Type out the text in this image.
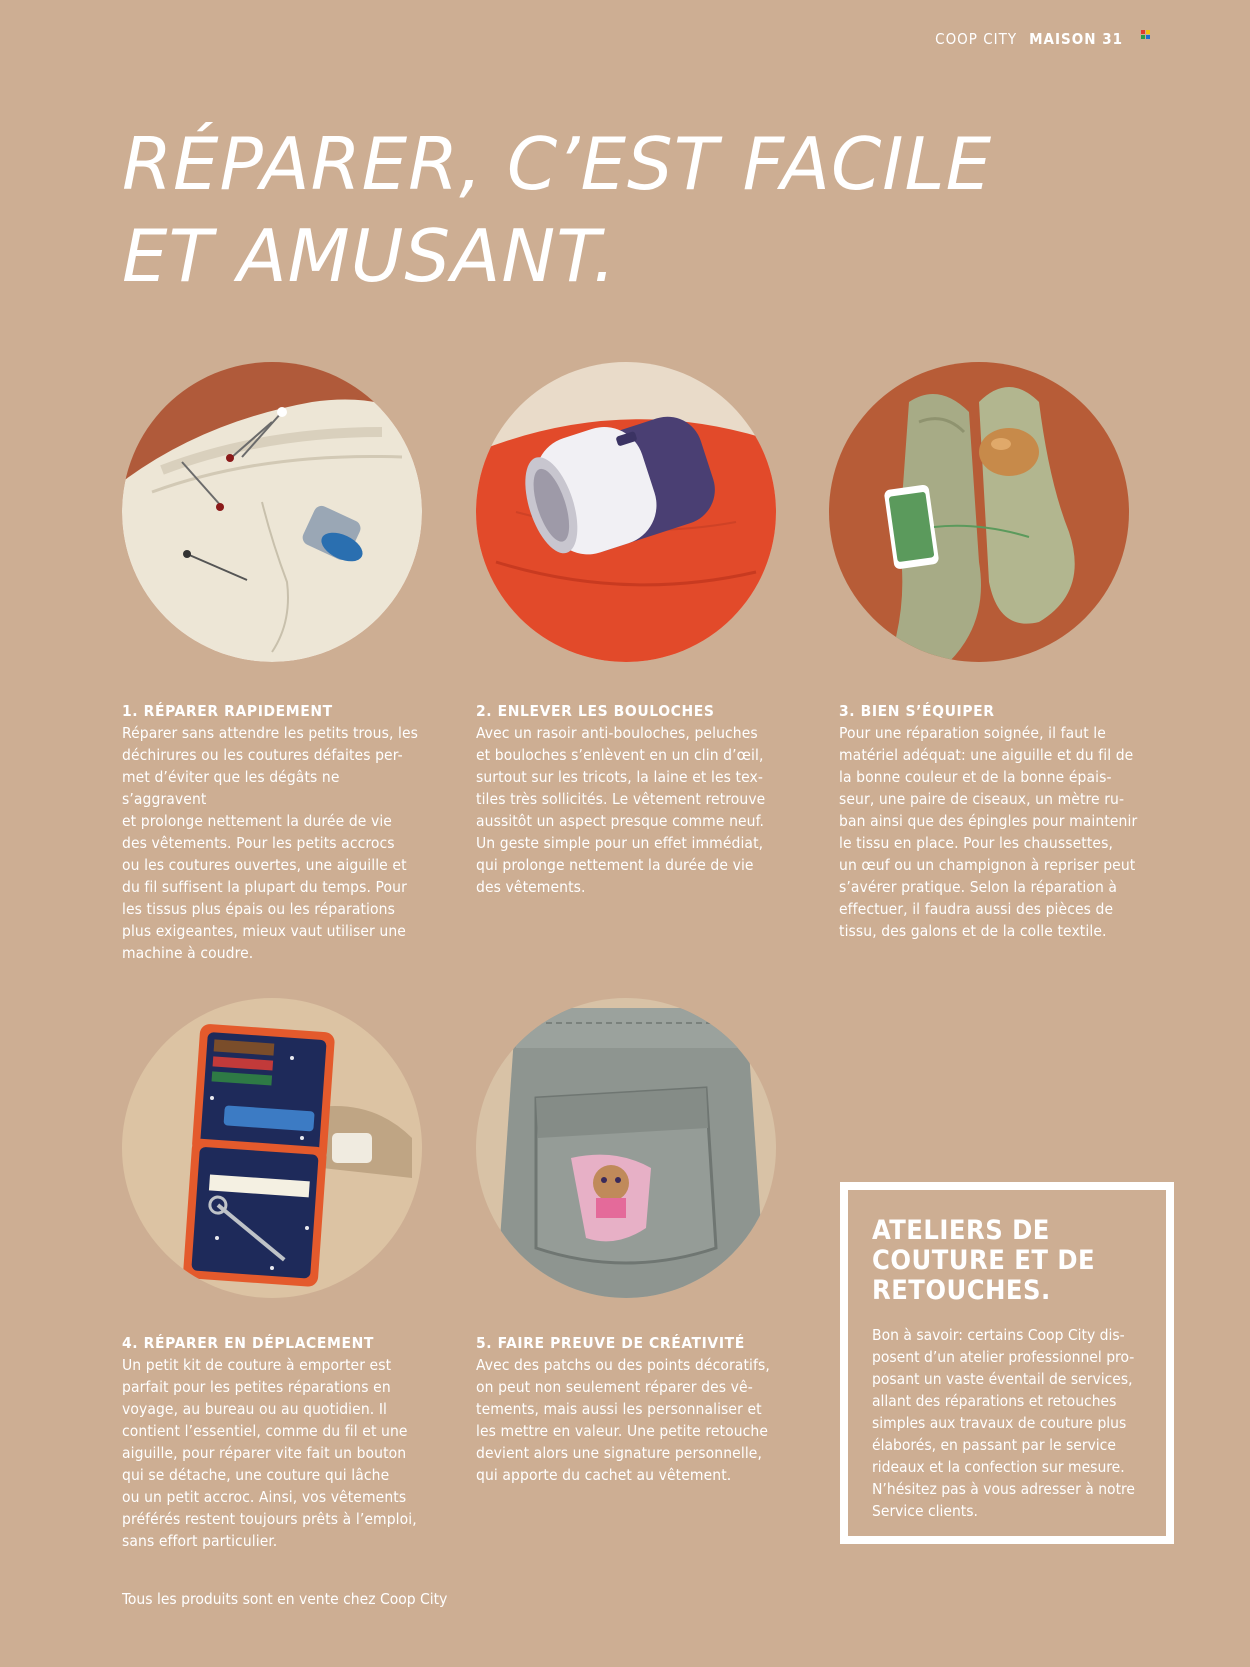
COOP CITY MAISON 31
RÉPARER, C’EST FACILE
ET AMUSANT.
1. RÉPARER RAPIDEMENT

Réparer sans attendre les petits trous, les

déchirures ou les coutures défaites per-

met d’éviter que les dégâts ne s’aggravent

et prolonge nettement la durée de vie

des vêtements. Pour les petits accrocs

ou les coutures ouvertes, une aiguille et

du fil suffisent la plupart du temps. Pour

les tissus plus épais ou les réparations

plus exigeantes, mieux vaut utiliser une

machine à coudre.

2. ENLEVER LES BOULOCHES

Avec un rasoir anti-bouloches, peluches

et bouloches s’enlèvent en un clin d’œil,

surtout sur les tricots, la laine et les tex-

tiles très sollicités. Le vêtement retrouve

aussitôt un aspect presque comme neuf.

Un geste simple pour un effet immédiat,

qui prolonge nettement la durée de vie

des vêtements.

3. BIEN S’ÉQUIPER

Pour une réparation soignée, il faut le

matériel adéquat: une aiguille et du fil de

la bonne couleur et de la bonne épais-

seur, une paire de ciseaux, un mètre ru-

ban ainsi que des épingles pour maintenir

le tissu en place. Pour les chaussettes,

un œuf ou un champignon à repriser peut

s’avérer pratique. Selon la réparation à

effectuer, il faudra aussi des pièces de

tissu, des galons et de la colle textile.

4. RÉPARER EN DÉPLACEMENT

Un petit kit de couture à emporter est

parfait pour les petites réparations en

voyage, au bureau ou au quotidien. Il

contient l’essentiel, comme du fil et une

aiguille, pour réparer vite fait un bouton

qui se détache, une couture qui lâche

ou un petit accroc. Ainsi, vos vêtements

préférés restent toujours prêts à l’emploi,

sans effort particulier.

5. FAIRE PREUVE DE CRÉATIVITÉ

Avec des patchs ou des points décoratifs,

on peut non seulement réparer des vê-

tements, mais aussi les personnaliser et

les mettre en valeur. Une petite retouche

devient alors une signature personnelle,

qui apporte du cachet au vêtement.

ATELIERS DE
COUTURE ET DE
RETOUCHES.

Bon à savoir: certains Coop City dis-

posent d’un atelier professionnel pro-

posant un vaste éventail de services,

allant des réparations et retouches

simples aux travaux de couture plus

élaborés, en passant par le service

rideaux et la confection sur mesure.

N’hésitez pas à vous adresser à notre

Service clients.

Tous les produits sont en vente chez Coop City
